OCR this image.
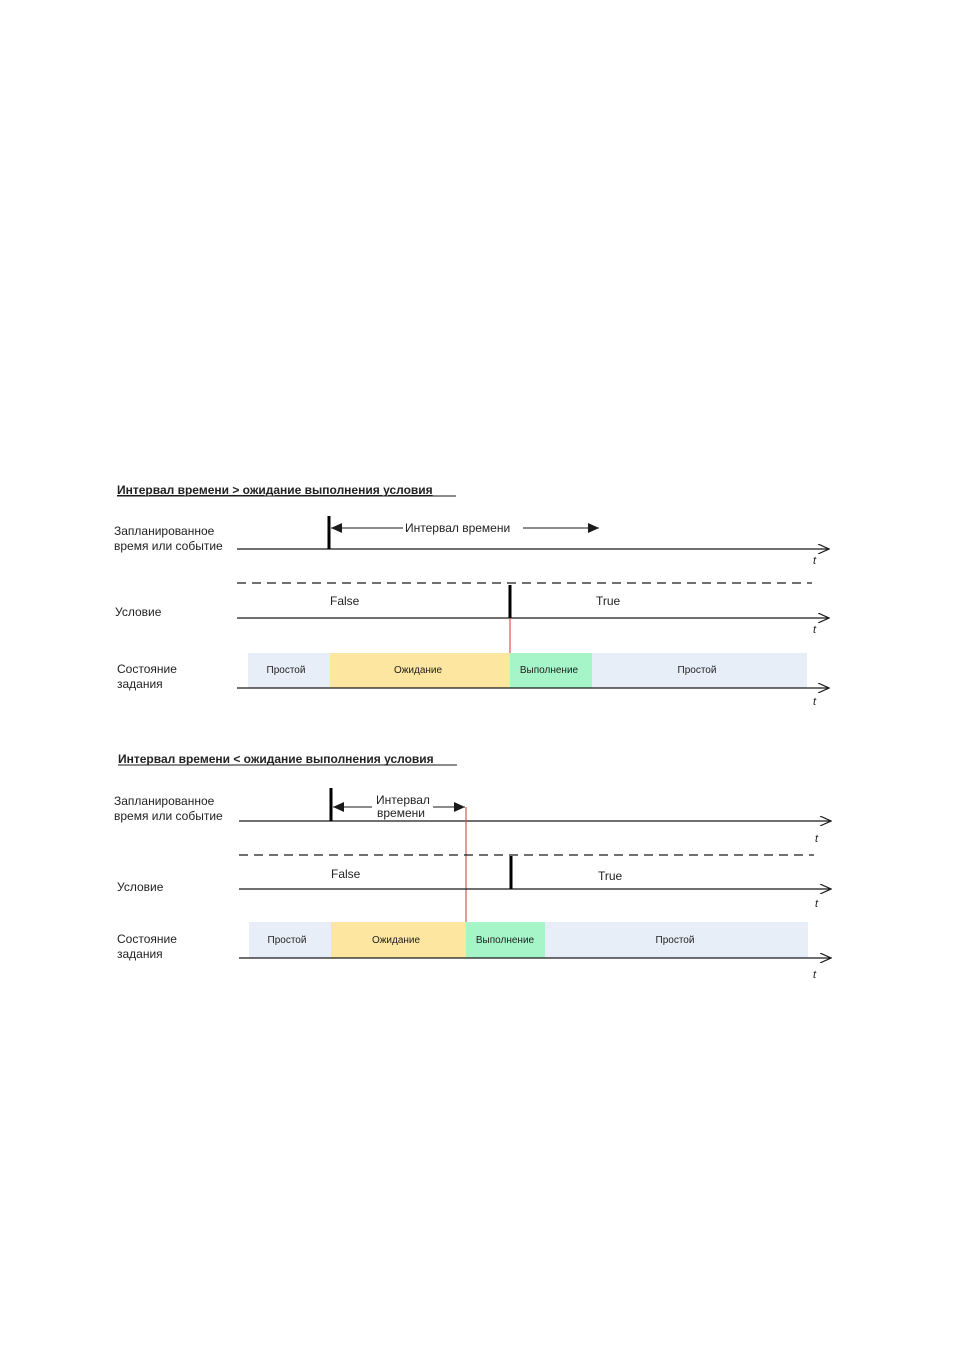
Интервал времени > ожидание выполнения условия
Запланированное
время или событие
t
Интервал времени
Условие
False	True
t
Состояние
задания
Простой	Ожидание	Выполнение	Простой
t
Интервал времени < ожидание выполнения условия
Запланированное
время или событие
t
Интервал
времени
Условие
False	True
t
Состояние
задания
Простой	Ожидание	Выполнение	Простой
t
